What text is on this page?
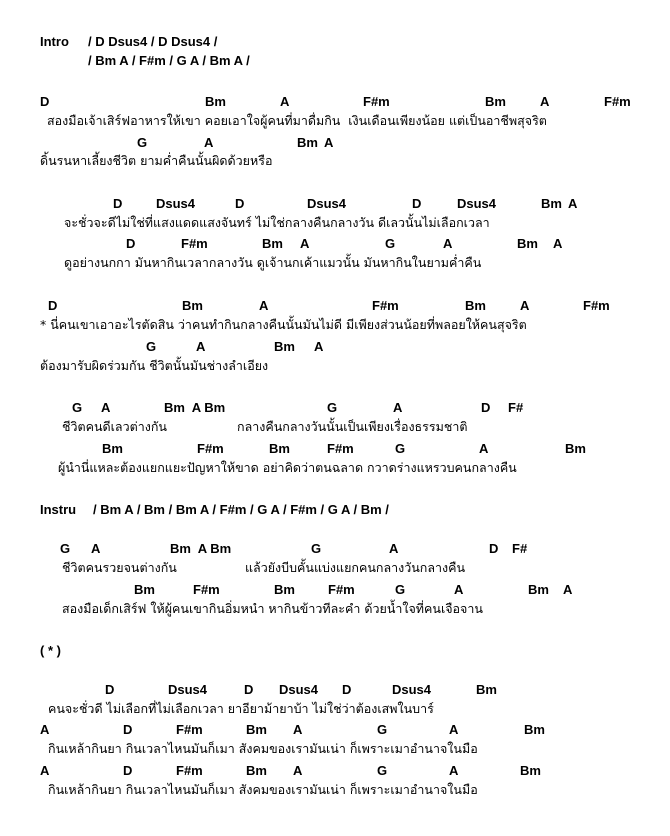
Intro / D Dsus4 / D Dsus4 /
/ Bm A / F#m / G A / Bm A /
D	Bm	A	F#m	Bm	A	F#m
สองมือเจ้าเสิร์ฟอาหารให้เขา คอยเอาใจผู้คนที่มาดื่มกิน  เงินเดือนเพียงน้อย แต่เป็นอาชีพสุจริต
G	A	Bm A
ดิ้นรนหาเลี้ยงชีวิต ยามค่ำคืนนั้นผิดด้วยหรือ
D	Dsus4	D	Dsus4	D	Dsus4	Bm A
จะชั่วจะดีไม่ใช่ที่แสงแดดแสงจันทร์ ไม่ใช่กลางคืนกลางวัน ดีเลวนั้นไม่เลือกเวลา
D	F#m	Bm A	G	A	Bm A
ดูอย่างนกกา มันหากินเวลากลางวัน ดูเจ้านกเค้าแมวนั้น มันหากินในยามค่ำคืน
D	Bm	A	F#m	Bm	A	F#m
* นี่คนเขาเอาอะไรตัดสิน ว่าคนทำกินกลางคืนนั้นมันไม่ดี มีเพียงส่วนน้อยที่พลอยให้คนสุจริต
G	A	Bm A
ต้องมารับผิดร่วมกัน ชีวิตนั้นมันช่างลำเอียง
G A	Bm  A Bm	G	A	D F#
ชีวิตคนดีเลวต่างกัน	กลางคืนกลางวันนั้นเป็นเพียงเรื่องธรรมชาติ
Bm	F#m	Bm	F#m	G	A	Bm
ผู้นำนี่แหละต้องแยกแยะปัญหาให้ขาด อย่าคิดว่าตนฉลาด กวาดร่างแหรวบคนกลางคืน
Instru / Bm A / Bm / Bm A / F#m / G A / F#m / G A / Bm /
G A	Bm  A Bm	G	A	D F#
ชีวิตคนรวยจนต่างกัน	แล้วยังบีบคั้นแบ่งแยกคนกลางวันกลางคืน
Bm	F#m	Bm	F#m	G	A	Bm A
สองมือเด็กเสิร์ฟ ให้ผู้คนเขากินอิ่มหนำ หากินข้าวทีละคำ ด้วยน้ำใจที่คนเจือจาน
( * )
D	Dsus4	D Dsus4 D	Dsus4	Bm
คนจะชั่วดี ไม่เลือกที่ไม่เลือกเวลา ยาอียาม้ายาบ้า ไม่ใช่ว่าต้องเสพในบาร์
A	D	F#m	Bm A	G	A	Bm
กินเหล้ากินยา กินเวลาไหนมันก็เมา สังคมของเรามันเน่า ก็เพราะเมาอำนาจในมือ
A	D	F#m	Bm A	G	A	Bm
กินเหล้ากินยา กินเวลาไหนมันก็เมา สังคมของเรามันเน่า ก็เพราะเมาอำนาจในมือ
